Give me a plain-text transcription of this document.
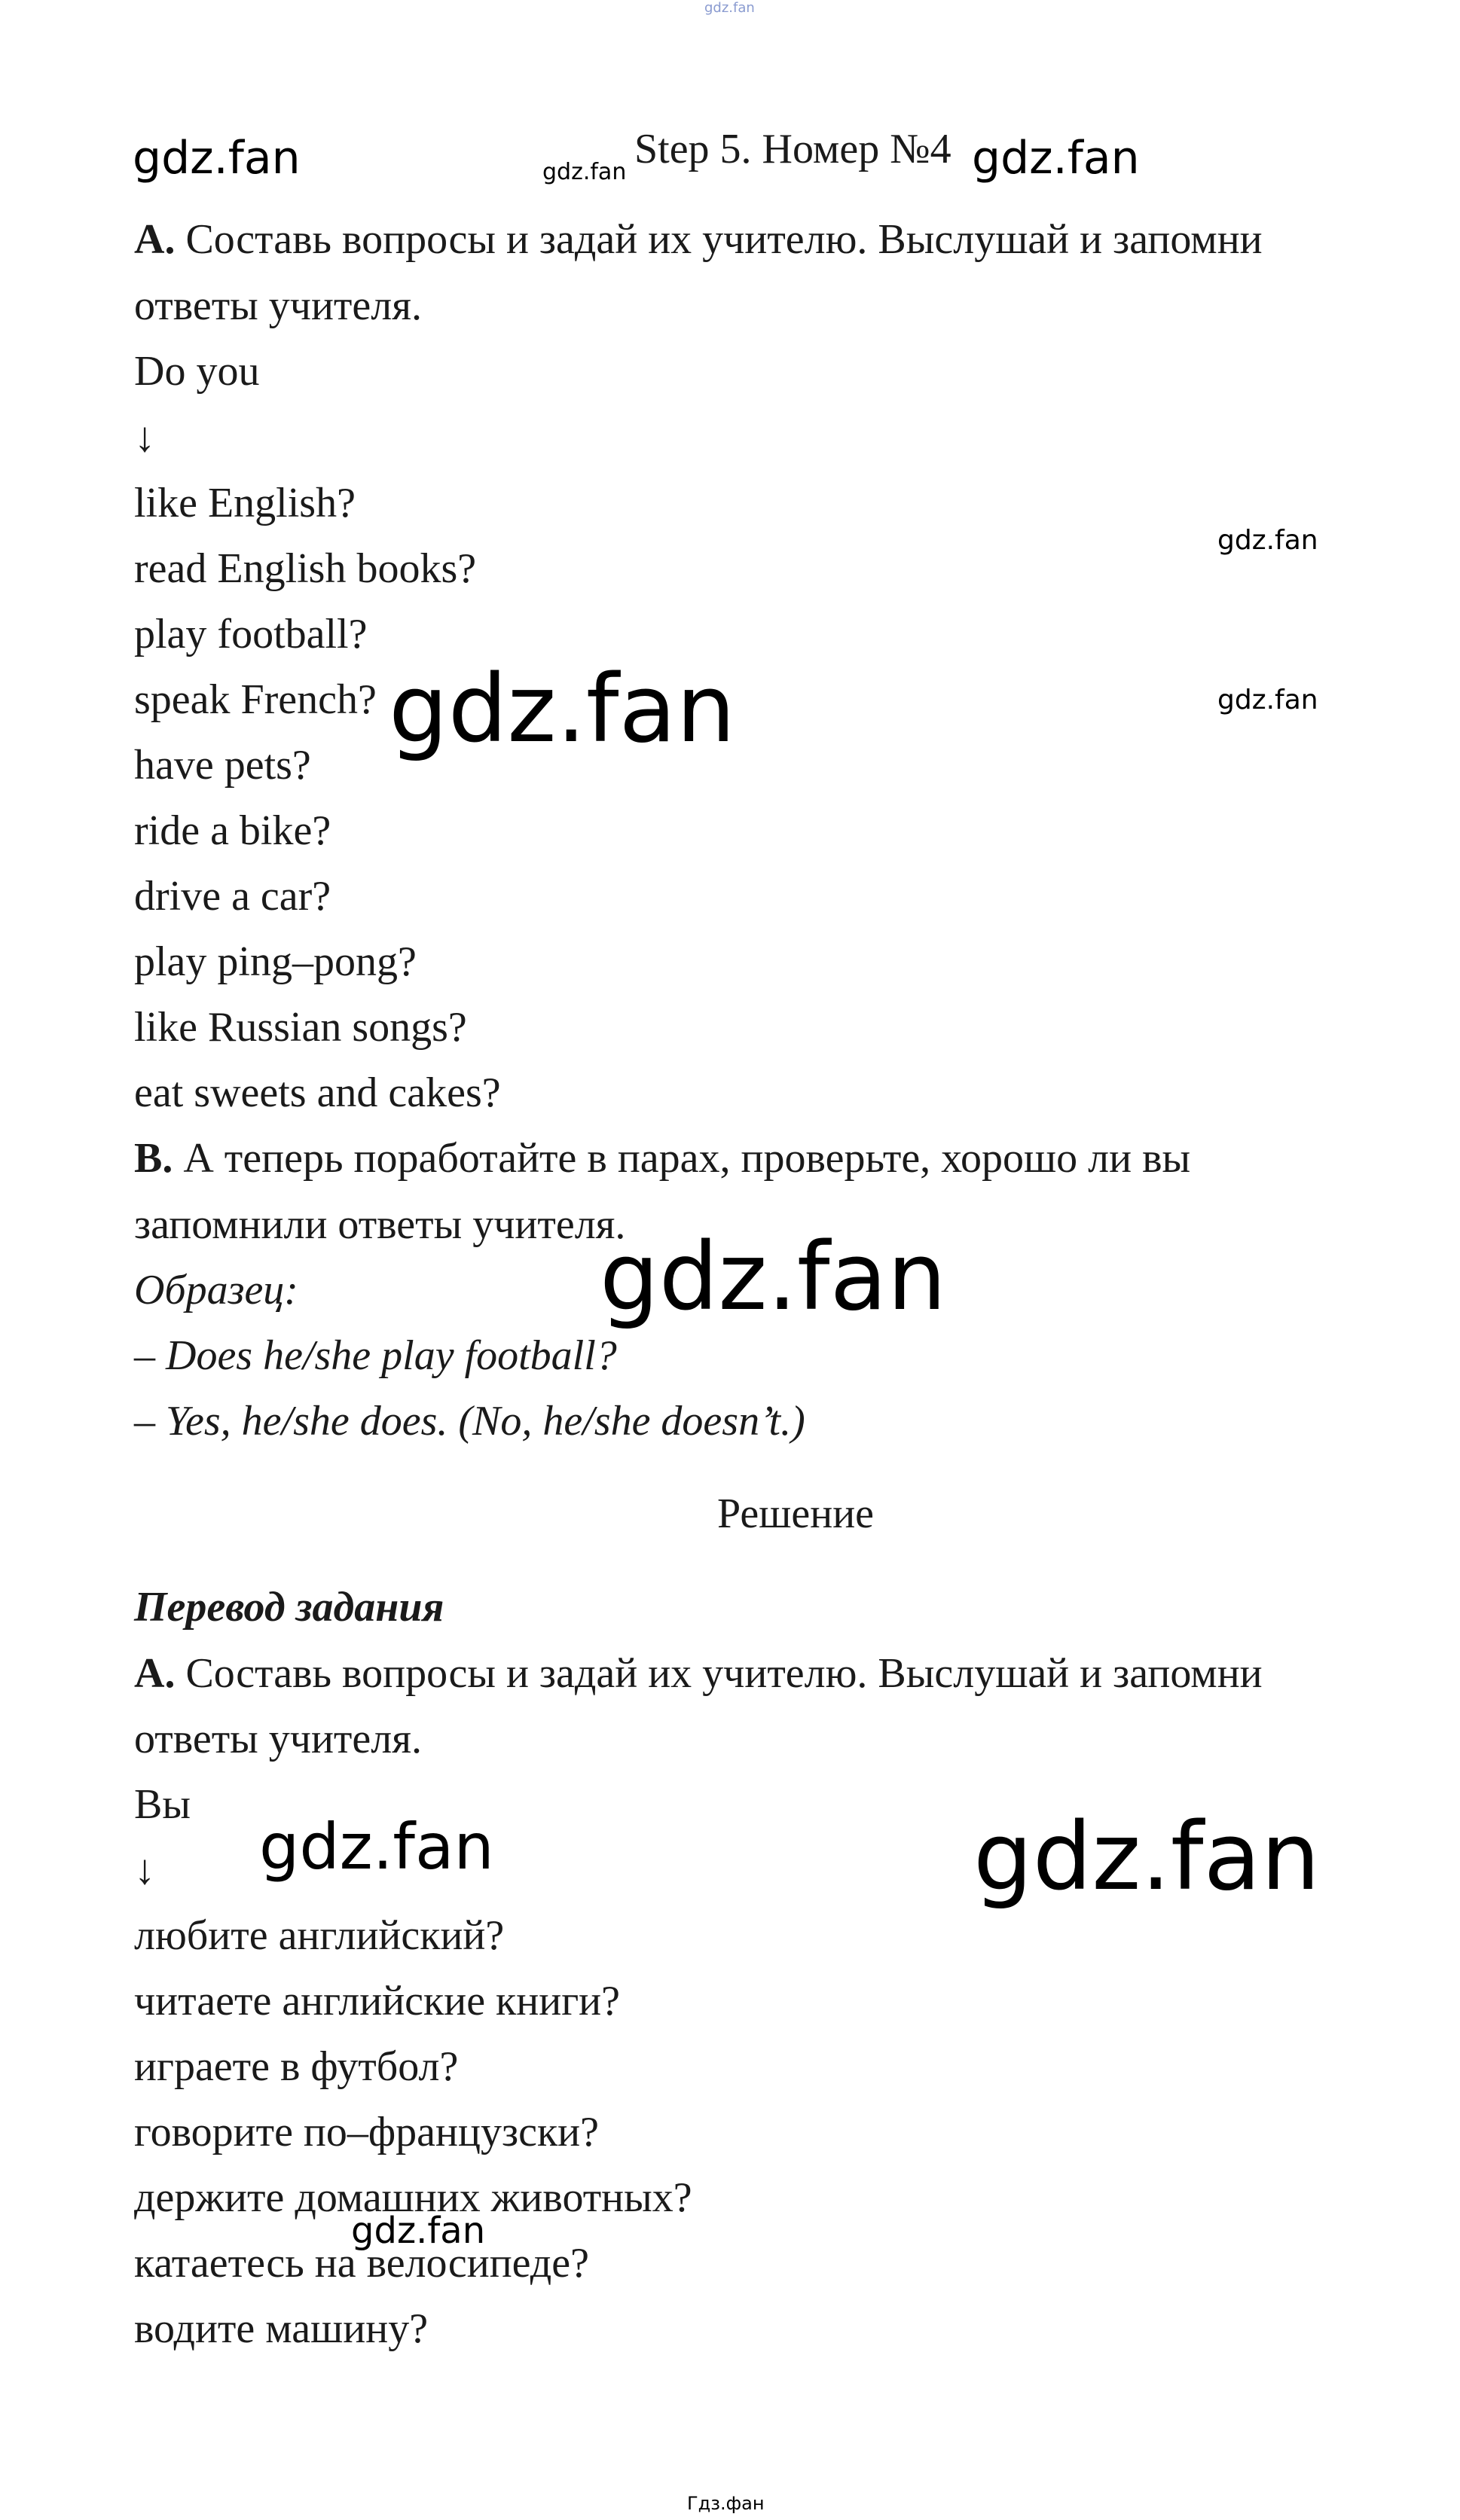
gdz.fan
gdz.fan	gdz.fan Step 5. Номер №4 gdz.fan
A. Составь вопросы и задай их учителю. Выслушай и запомни
ответы учителя.
Do you
↓
like English?
read English books?
play football?
speak French?
have pets?
ride a bike?
drive a car?
play ping–pong?
like Russian songs?
eat sweets and cakes?
gdz.fan
gdz.fan
gdz.fan
B. А теперь поработайте в парах, проверьте, хорошо ли вы
запомнили ответы учителя.
Образец:
– Does he/she play football?
– Yes, he/she does. (No, he/she doesn’t.)
gdz.fan
Решение
Перевод задания
A. Составь вопросы и задай их учителю. Выслушай и запомни
ответы учителя.
Вы
↓ gdz.fan	gdz.fan
любите английский?
читаете английские книги?
играете в футбол?
говорите по–французски?
держите домашних животных?
катаетесь на велосипеде?
водите машину?
gdz.fan
Гдз.фан
